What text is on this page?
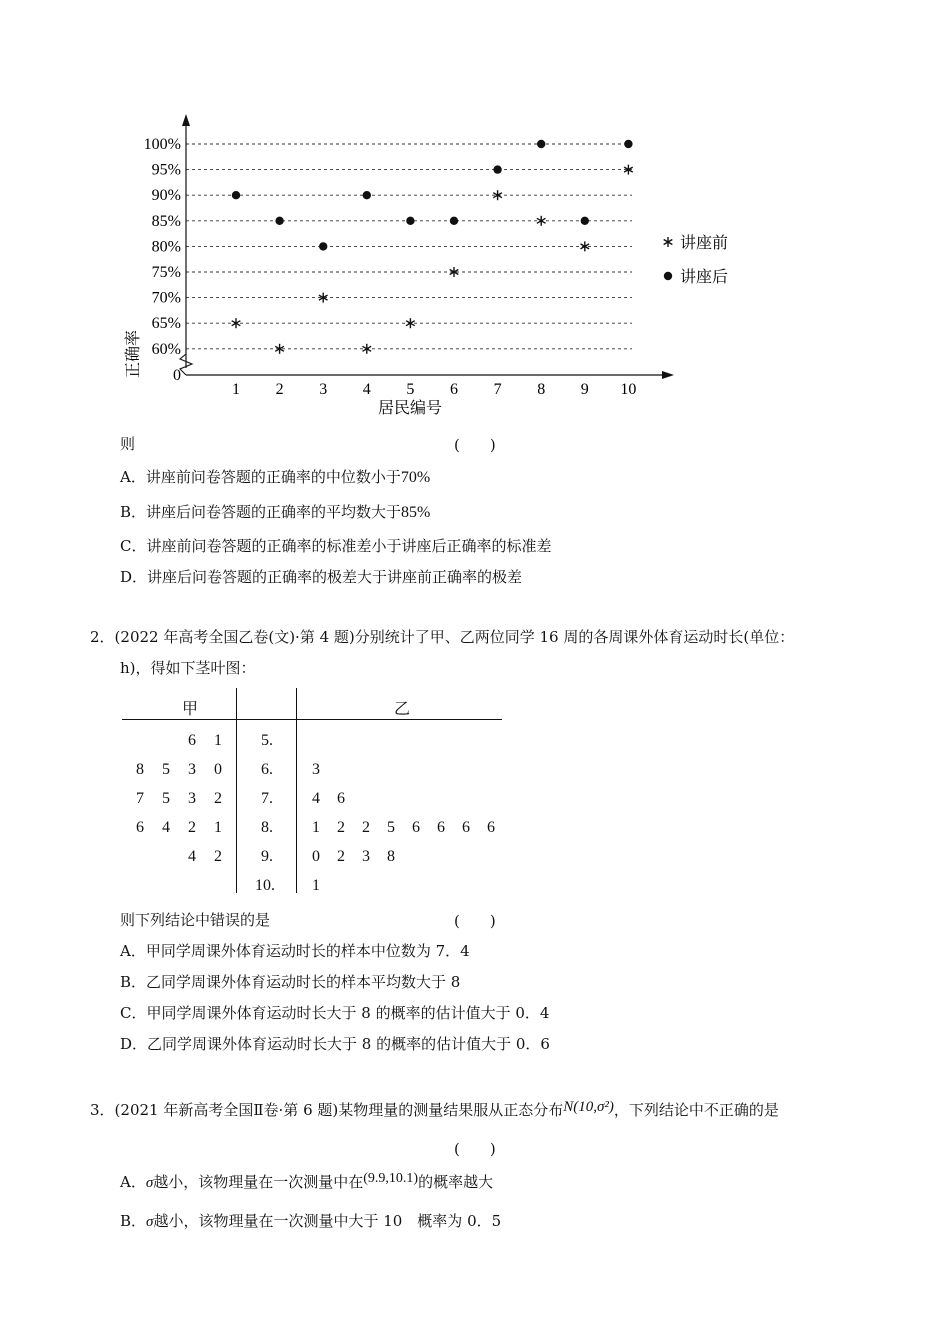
0
60%
65%
70%
75%
80%
85%
90%
95%
100%
1 2 3 4 5 6 7 8 9 10
正确率
居民编号
讲座前
讲座后
则	(　　)
A．讲座前问卷答题的正确率的中位数小于70%
B．讲座后问卷答题的正确率的平均数大于85%
C．讲座前问卷答题的正确率的标准差小于讲座后正确率的标准差
D．讲座后问卷答题的正确率的极差大于讲座前正确率的极差
2．(2022 年高考全国乙卷(文)·第 4 题)分别统计了甲、乙两位同学 16 周的各周课外体育运动时长(单位：
h)，得如下茎叶图：
甲	乙
6 1 5.
8 5 3 0 6. 3
7 5 3 2 7. 4 6
6 4 2 1 8. 1 2 2 5 6 6 6 6
4 2 9. 0 2 3 8
10. 1
则下列结论中错误的是	(　　)
A．甲同学周课外体育运动时长的样本中位数为 7．4
B．乙同学周课外体育运动时长的样本平均数大于 8
C．甲同学周课外体育运动时长大于 8 的概率的估计值大于 0．4
D．乙同学周课外体育运动时长大于 8 的概率的估计值大于 0．6
3．(2021 年新高考全国Ⅱ卷·第 6 题)某物理量的测量结果服从正态分布N(10,σ²)，下列结论中不正确的是
(　　)
A．σ越小，该物理量在一次测量中在(9.9,10.1)的概率越大
B．σ越小，该物理量在一次测量中大于 10　概率为 0．5
